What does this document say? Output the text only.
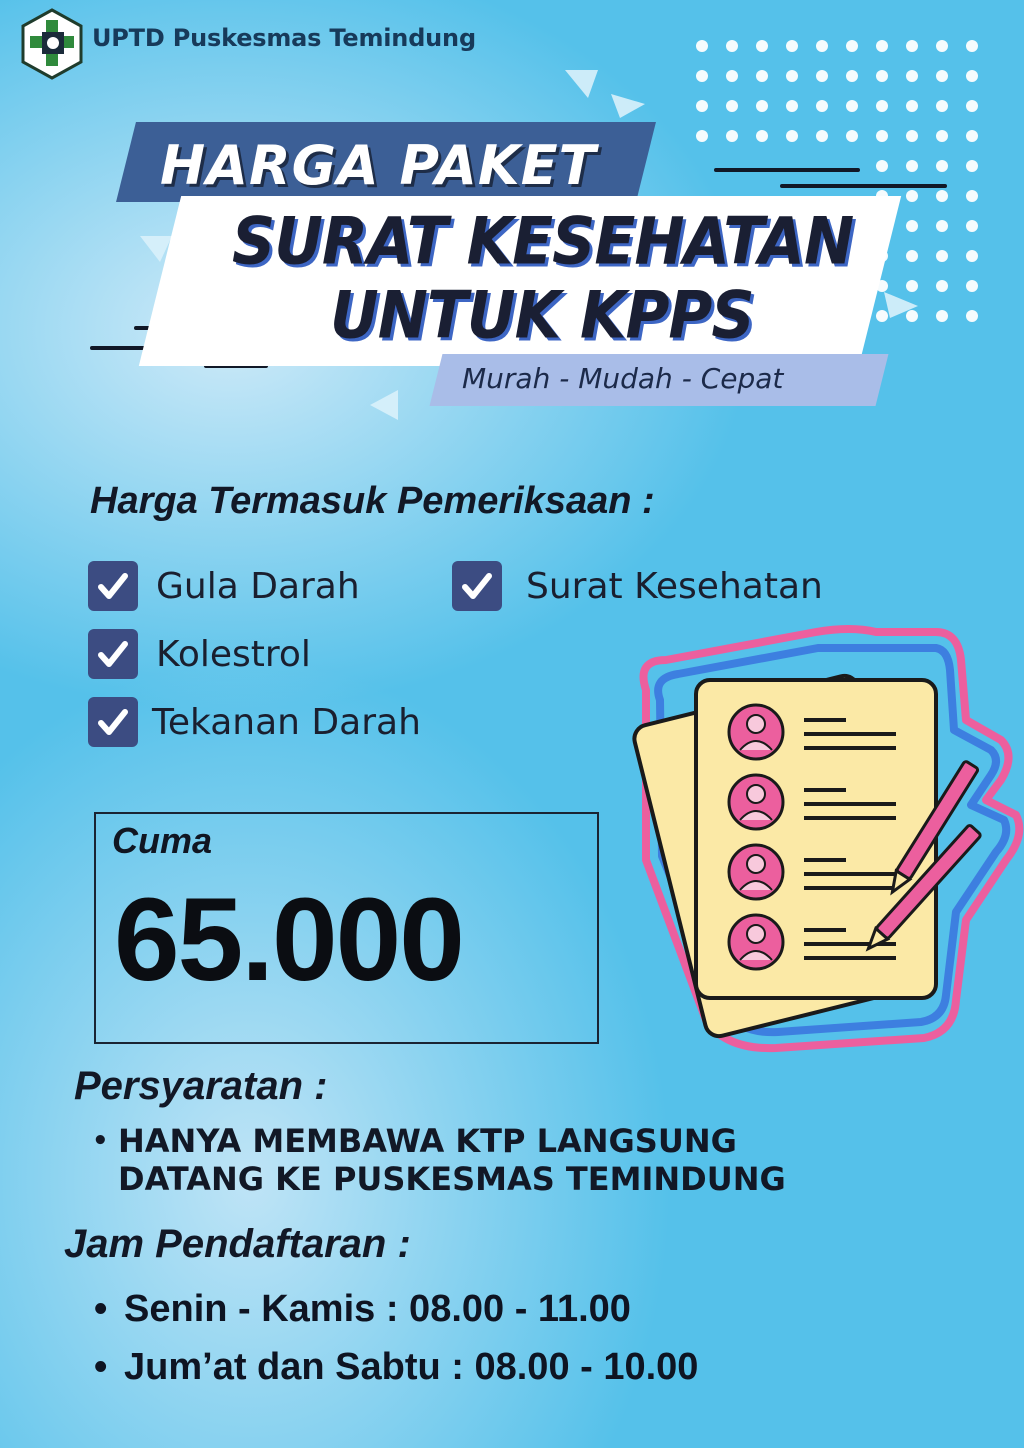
UPTD Puskesmas Temindung
HARGA PAKET
SURAT KESEHATAN
UNTUK KPPS
Murah - Mudah - Cepat
Harga Termasuk Pemeriksaan :
Gula Darah	Surat Kesehatan
Kolestrol
Tekanan Darah
Cuma
65.000
Persyaratan :
• HANYA MEMBAWA KTP LANGSUNG
DATANG KE PUSKESMAS TEMINDUNG
Jam Pendaftaran :
• Senin - Kamis : 08.00 - 11.00
• Jum’at dan Sabtu : 08.00 - 10.00
